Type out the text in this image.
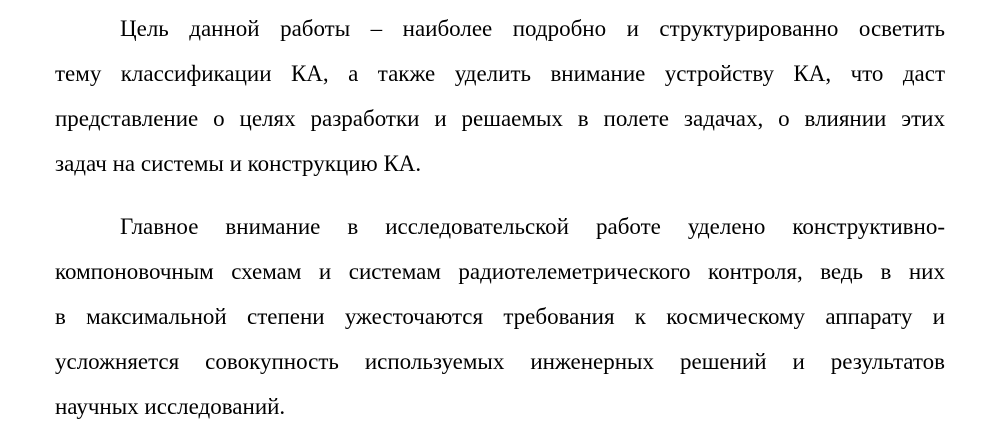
Цель данной работы – наиболее подробно и структурированно осветить
тему классификации КА, а также уделить внимание устройству КА, что даст
представление о целях разработки и решаемых в полете задачах, о влиянии этих
задач на системы и конструкцию КА.
Главное внимание в исследовательской работе уделено конструктивно-
компоновочным схемам и системам радиотелеметрического контроля, ведь в них
в максимальной степени ужесточаются требования к космическому аппарату и
усложняется совокупность используемых инженерных решений и результатов
научных исследований.
